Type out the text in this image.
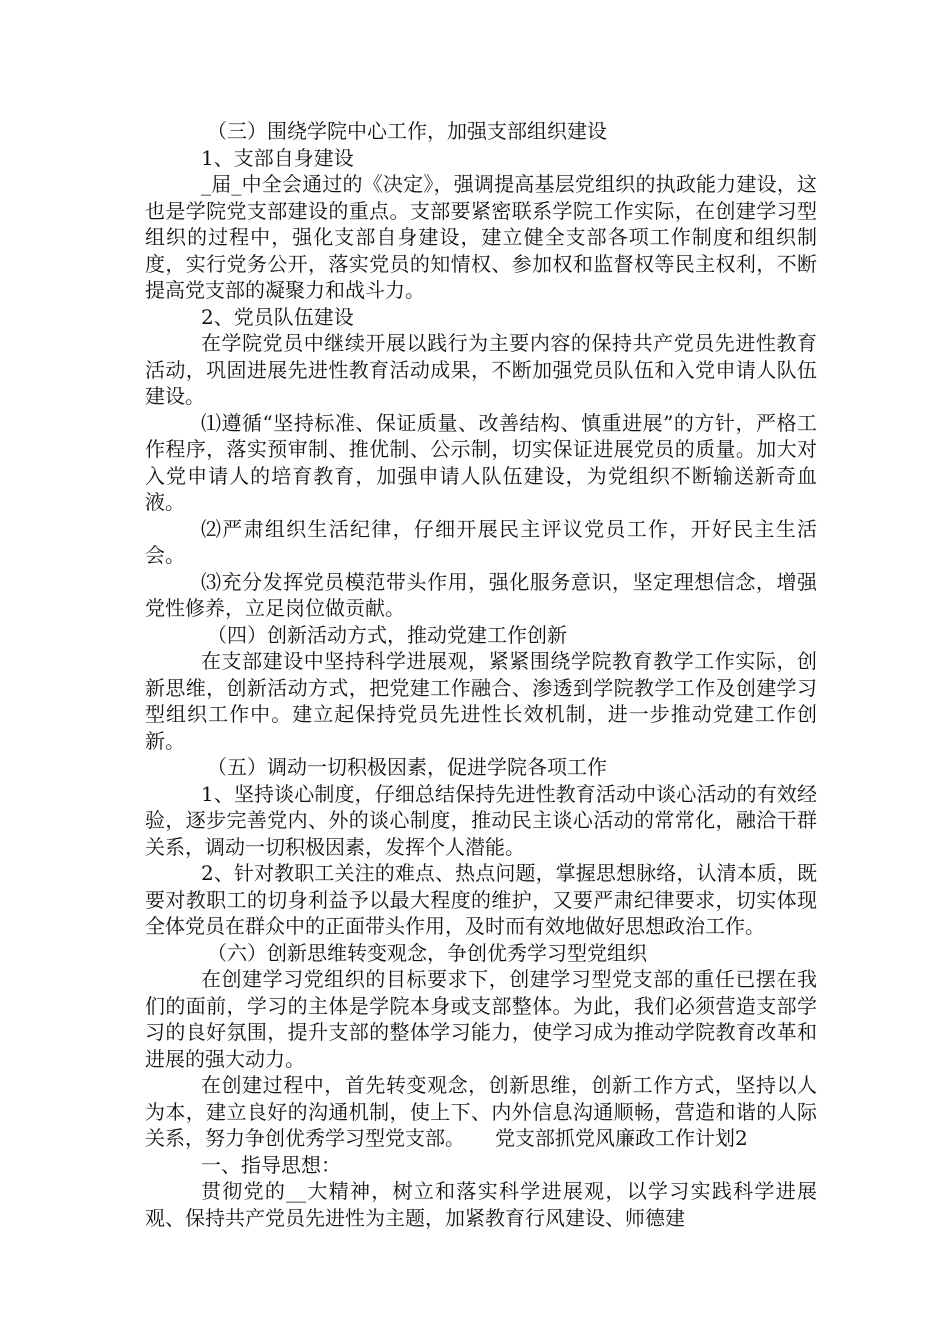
（三）围绕学院中心工作，加强支部组织建设

1、支部自身建设

_届_中全会通过的《决定》，强调提高基层党组织的执政能力建设，这也是学院党支部建设的重点。支部要紧密联系学院工作实际，在创建学习型组织的过程中，强化支部自身建设，建立健全支部各项工作制度和组织制度，实行党务公开，落实党员的知情权、参加权和监督权等民主权利，不断提高党支部的凝聚力和战斗力。

2、党员队伍建设

在学院党员中继续开展以践行为主要内容的保持共产党员先进性教育活动，巩固进展先进性教育活动成果，不断加强党员队伍和入党申请人队伍建设。

⑴遵循“坚持标准、保证质量、改善结构、慎重进展”的方针，严格工作程序，落实预审制、推优制、公示制，切实保证进展党员的质量。加大对入党申请人的培育教育，加强申请人队伍建设，为党组织不断输送新奇血液。

⑵严肃组织生活纪律，仔细开展民主评议党员工作，开好民主生活会。

⑶充分发挥党员模范带头作用，强化服务意识，坚定理想信念，增强党性修养，立足岗位做贡献。

（四）创新活动方式，推动党建工作创新

在支部建设中坚持科学进展观，紧紧围绕学院教育教学工作实际，创新思维，创新活动方式，把党建工作融合、渗透到学院教学工作及创建学习型组织工作中。建立起保持党员先进性长效机制，进一步推动党建工作创新。

（五）调动一切积极因素，促进学院各项工作

1、坚持谈心制度，仔细总结保持先进性教育活动中谈心活动的有效经验，逐步完善党内、外的谈心制度，推动民主谈心活动的常常化，融洽干群关系，调动一切积极因素，发挥个人潜能。

2、针对教职工关注的难点、热点问题，掌握思想脉络，认清本质，既要对教职工的切身利益予以最大程度的维护，又要严肃纪律要求，切实体现全体党员在群众中的正面带头作用，及时而有效地做好思想政治工作。

（六）创新思维转变观念，争创优秀学习型党组织

在创建学习党组织的目标要求下，创建学习型党支部的重任已摆在我们的面前，学习的主体是学院本身或支部整体。为此，我们必须营造支部学习的良好氛围，提升支部的整体学习能力，使学习成为推动学院教育改革和进展的强大动力。

在创建过程中，首先转变观念，创新思维，创新工作方式，坚持以人为本，建立良好的沟通机制，使上下、内外信息沟通顺畅，营造和谐的人际关系，努力争创优秀学习型党支部。　　党支部抓党风廉政工作计划2

一、指导思想：

贯彻党的__大精神，树立和落实科学进展观，以学习实践科学进展观、保持共产党员先进性为主题，加紧教育行风建设、师德建
